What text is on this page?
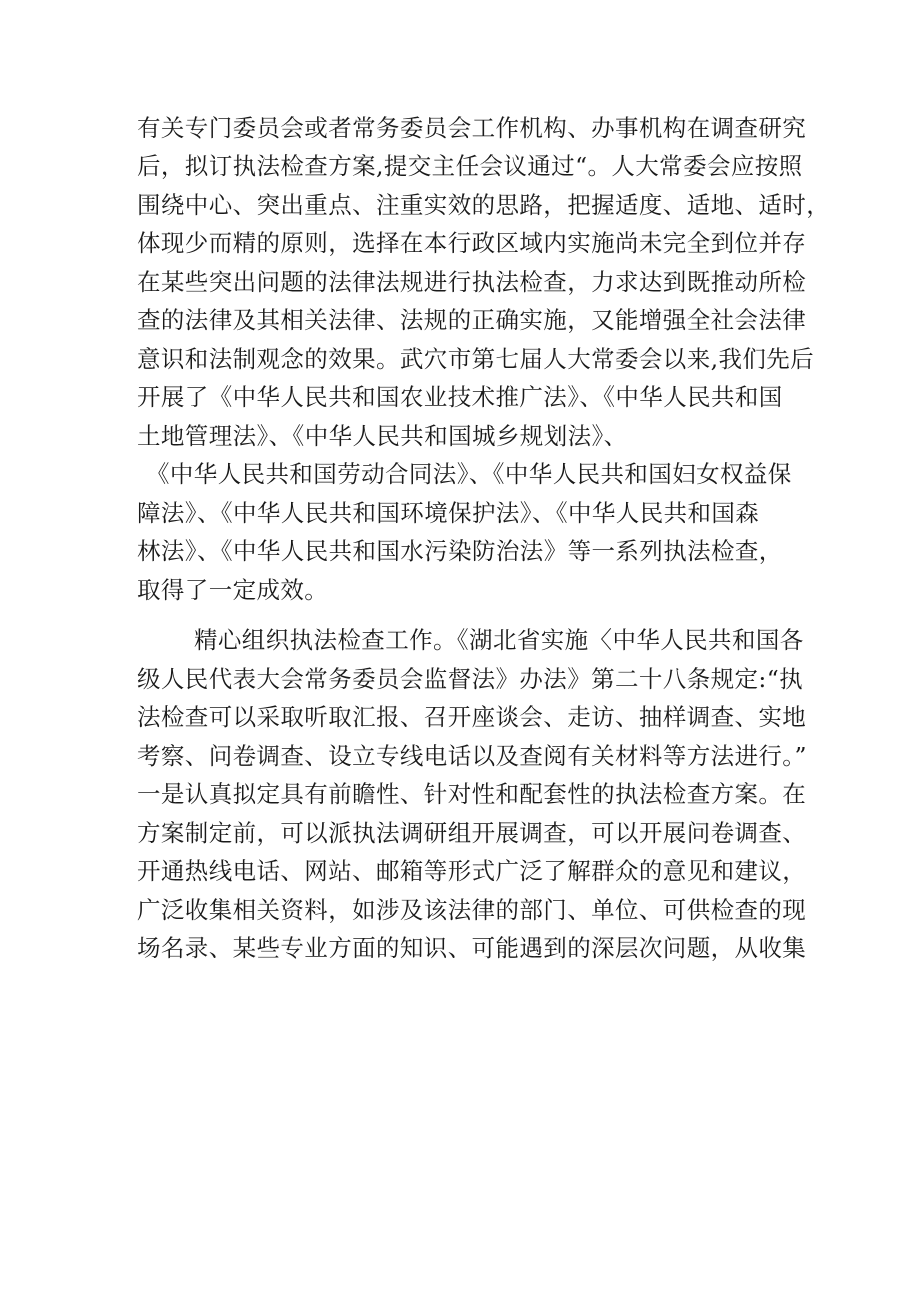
有关专门委员会或者常务委员会工作机构、办事机构在调查研究
后，拟订执法检查方案,提交主任会议通过“。人大常委会应按照
围绕中心、突出重点、注重实效的思路，把握适度、适地、适时，
体现少而精的原则，选择在本行政区域内实施尚未完全到位并存
在某些突出问题的法律法规进行执法检查，力求达到既推动所检
查的法律及其相关法律、法规的正确实施，又能增强全社会法律
意识和法制观念的效果。武穴市第七届人大常委会以来,我们先后
开展了《中华人民共和国农业技术推广法》、《中华人民共和国
土地管理法》、《中华人民共和国城乡规划法》、
《中华人民共和国劳动合同法》、《中华人民共和国妇女权益保
障法》、《中华人民共和国环境保护法》、《中华人民共和国森
林法》、《中华人民共和国水污染防治法》等一系列执法检查，
取得了一定成效。
精心组织执法检查工作。《湖北省实施〈中华人民共和国各
级人民代表大会常务委员会监督法》办法》第二十八条规定:“执
法检查可以采取听取汇报、召开座谈会、走访、抽样调查、实地
考察、问卷调查、设立专线电话以及查阅有关材料等方法进行。”
一是认真拟定具有前瞻性、针对性和配套性的执法检查方案。在
方案制定前，可以派执法调研组开展调查，可以开展问卷调查、
开通热线电话、网站、邮箱等形式广泛了解群众的意见和建议，
广泛收集相关资料，如涉及该法律的部门、单位、可供检查的现
场名录、某些专业方面的知识、可能遇到的深层次问题，从收集
